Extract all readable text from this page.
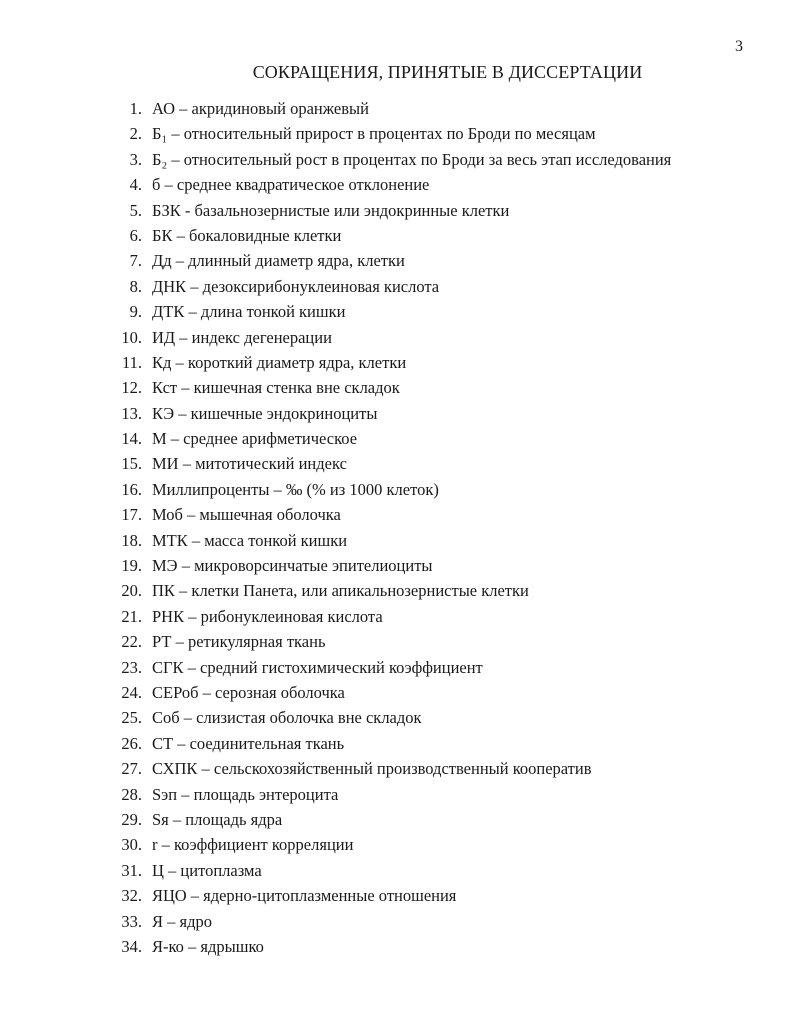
3
СОКРАЩЕНИЯ, ПРИНЯТЫЕ В ДИССЕРТАЦИИ
1. АО – акридиновый оранжевый
2. Б₁ – относительный прирост в процентах по Броди по месяцам
3. Б₂ – относительный рост в процентах по Броди за весь этап исследования
4. б – среднее квадратическое отклонение
5. БЗК - базальнозернистые или эндокринные клетки
6. БК – бокаловидные клетки
7. Дд – длинный диаметр ядра, клетки
8. ДНК – дезоксирибонуклеиновая кислота
9. ДТК – длина тонкой кишки
10. ИД – индекс дегенерации
11. Кд – короткий диаметр ядра, клетки
12. Кст – кишечная стенка вне складок
13. КЭ – кишечные эндокриноциты
14. М – среднее арифметическое
15. МИ – митотический индекс
16. Миллипроценты – ‰ (% из 1000 клеток)
17. Моб – мышечная оболочка
18. МТК – масса тонкой кишки
19. МЭ – микроворсинчатые эпителиоциты
20. ПК – клетки Панета, или апикальнозернистые клетки
21. РНК – рибонуклеиновая кислота
22. РТ – ретикулярная ткань
23. СГК – средний гистохимический коэффициент
24. СЕРоб – серозная оболочка
25. Соб – слизистая оболочка вне складок
26. СТ – соединительная ткань
27. СХПК – сельскохозяйственный производственный кооператив
28. Sэп – площадь энтероцита
29. Sя – площадь ядра
30. r – коэффициент корреляции
31. Ц – цитоплазма
32. ЯЦО – ядерно-цитоплазменные отношения
33. Я – ядро
34. Я-ко – ядрышко
